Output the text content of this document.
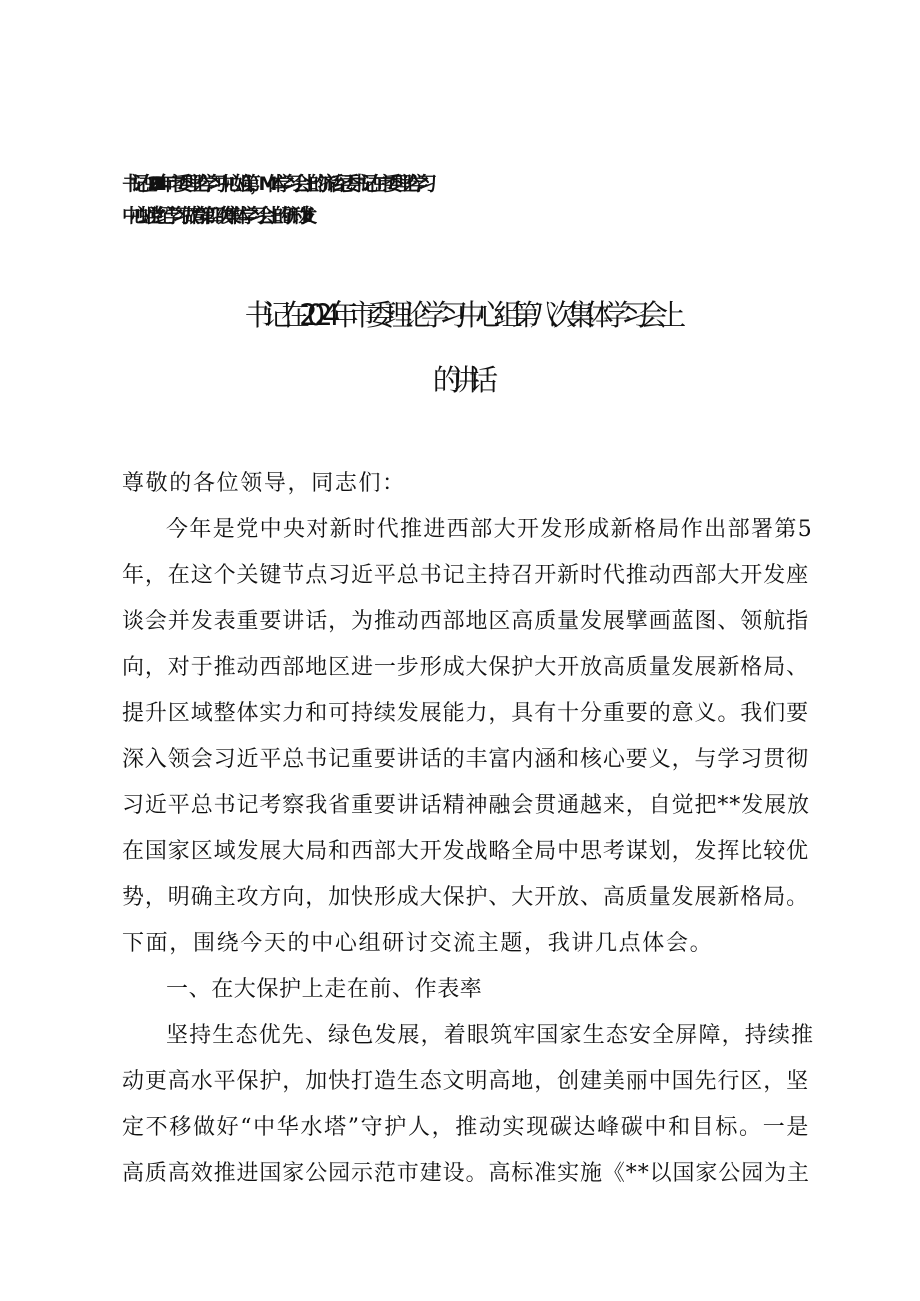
书记在2024年市委理论学习中心姐第，M体学习会上的济话纪委书记在市委理论学习
中心蛆党纪学习做育第四次集体学习会上的研讨发lr
书记在2024年市委理论学习中心组第八次集体学习会上
的讲话
尊敬的各位领导，同志们：
今年是党中央对新时代推进西部大开发形成新格局作出部署第5
年，在这个关键节点习近平总书记主持召开新时代推动西部大开发座
谈会并发表重要讲话，为推动西部地区高质量发展擘画蓝图、领航指
向，对于推动西部地区进一步形成大保护大开放高质量发展新格局、
提升区域整体实力和可持续发展能力，具有十分重要的意义。我们要
深入领会习近平总书记重要讲话的丰富内涵和核心要义，与学习贯彻
习近平总书记考察我省重要讲话精神融会贯通越来，自觉把**发展放
在国家区域发展大局和西部大开发战略全局中思考谋划，发挥比较优
势，明确主攻方向，加快形成大保护、大开放、高质量发展新格局。
下面，围绕今天的中心组研讨交流主题，我讲几点体会。
一、在大保护上走在前、作表率
坚持生态优先、绿色发展，着眼筑牢国家生态安全屏障，持续推
动更高水平保护，加快打造生态文明高地，创建美丽中国先行区，坚
定不移做好“中华水塔”守护人，推动实现碳达峰碳中和目标。一是
高质高效推进国家公园示范市建设。高标准实施《**以国家公园为主
